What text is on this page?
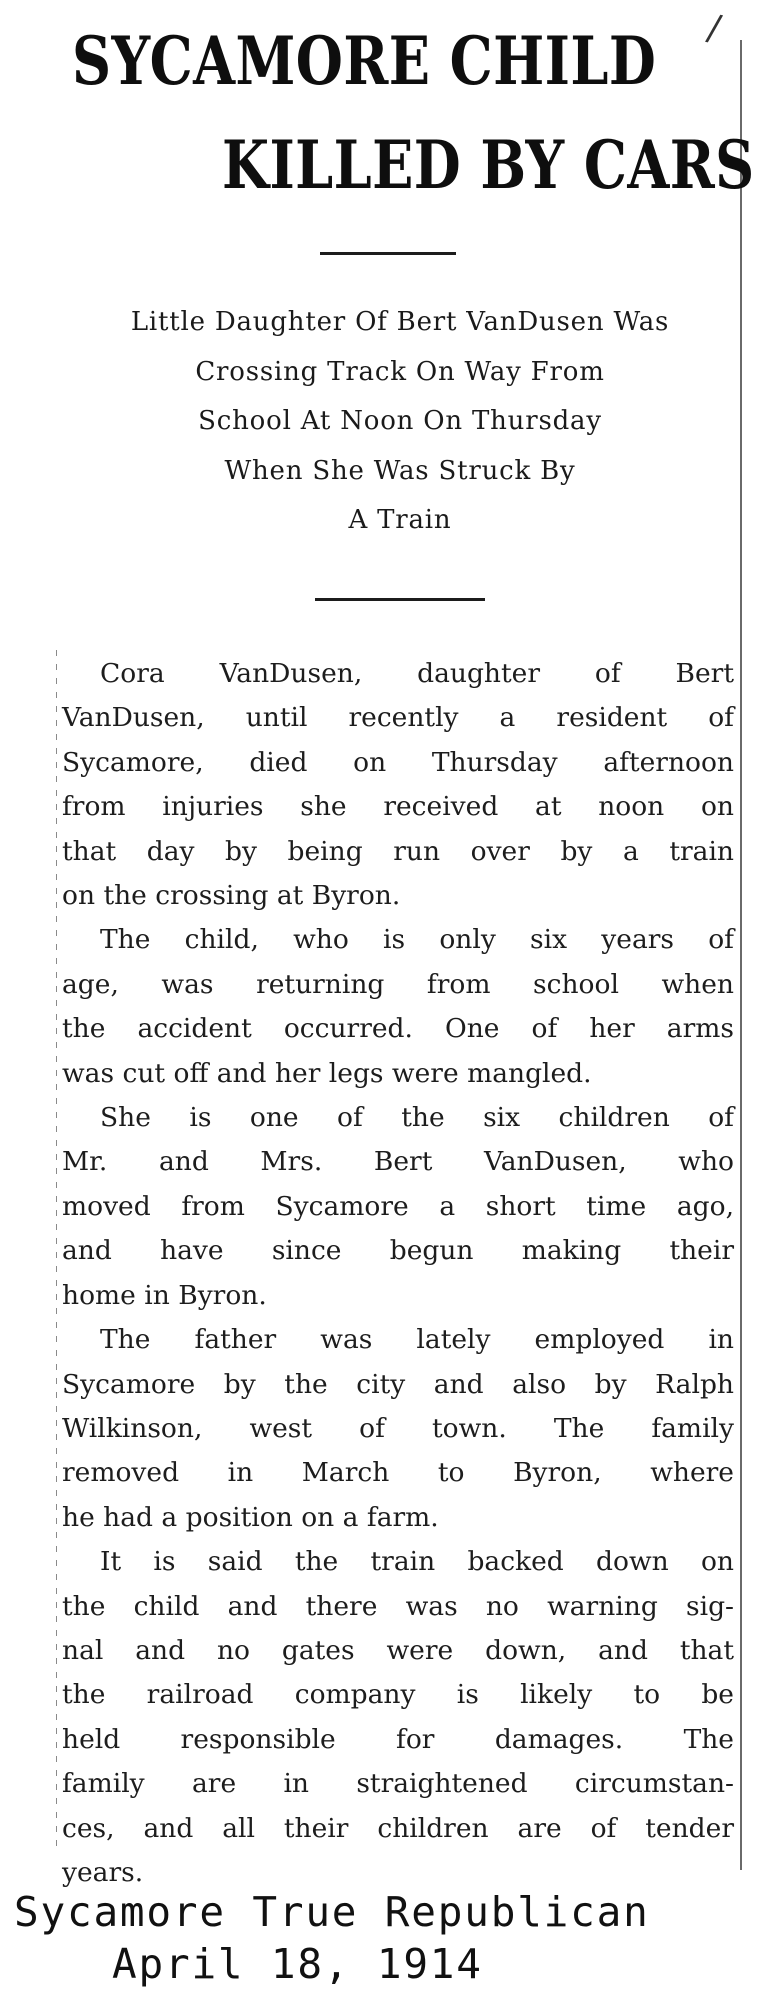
/
SYCAMORE CHILD
KILLED BY CARS
Little Daughter Of Bert VanDusen Was
Crossing Track On Way From
School At Noon On Thursday
When She Was Struck By
A Train
Cora VanDusen, daughter of Bert
VanDusen, until recently a resident of
Sycamore, died on Thursday afternoon
from injuries she received at noon on
that day by being run over by a train
on the crossing at Byron.
The child, who is only six years of
age, was returning from school when
the accident occurred. One of her arms
was cut off and her legs were mangled.
She is one of the six children of
Mr. and Mrs. Bert VanDusen, who
moved from Sycamore a short time ago,
and have since begun making their
home in Byron.
The father was lately employed in
Sycamore by the city and also by Ralph
Wilkinson, west of town. The family
removed in March to Byron, where
he had a position on a farm.
It is said the train backed down on
the child and there was no warning sig-
nal and no gates were down, and that
the railroad company is likely to be
held responsible for damages. The
family are in straightened circumstan-
ces, and all their children are of tender
years.
Sycamore True Republican
April 18, 1914
